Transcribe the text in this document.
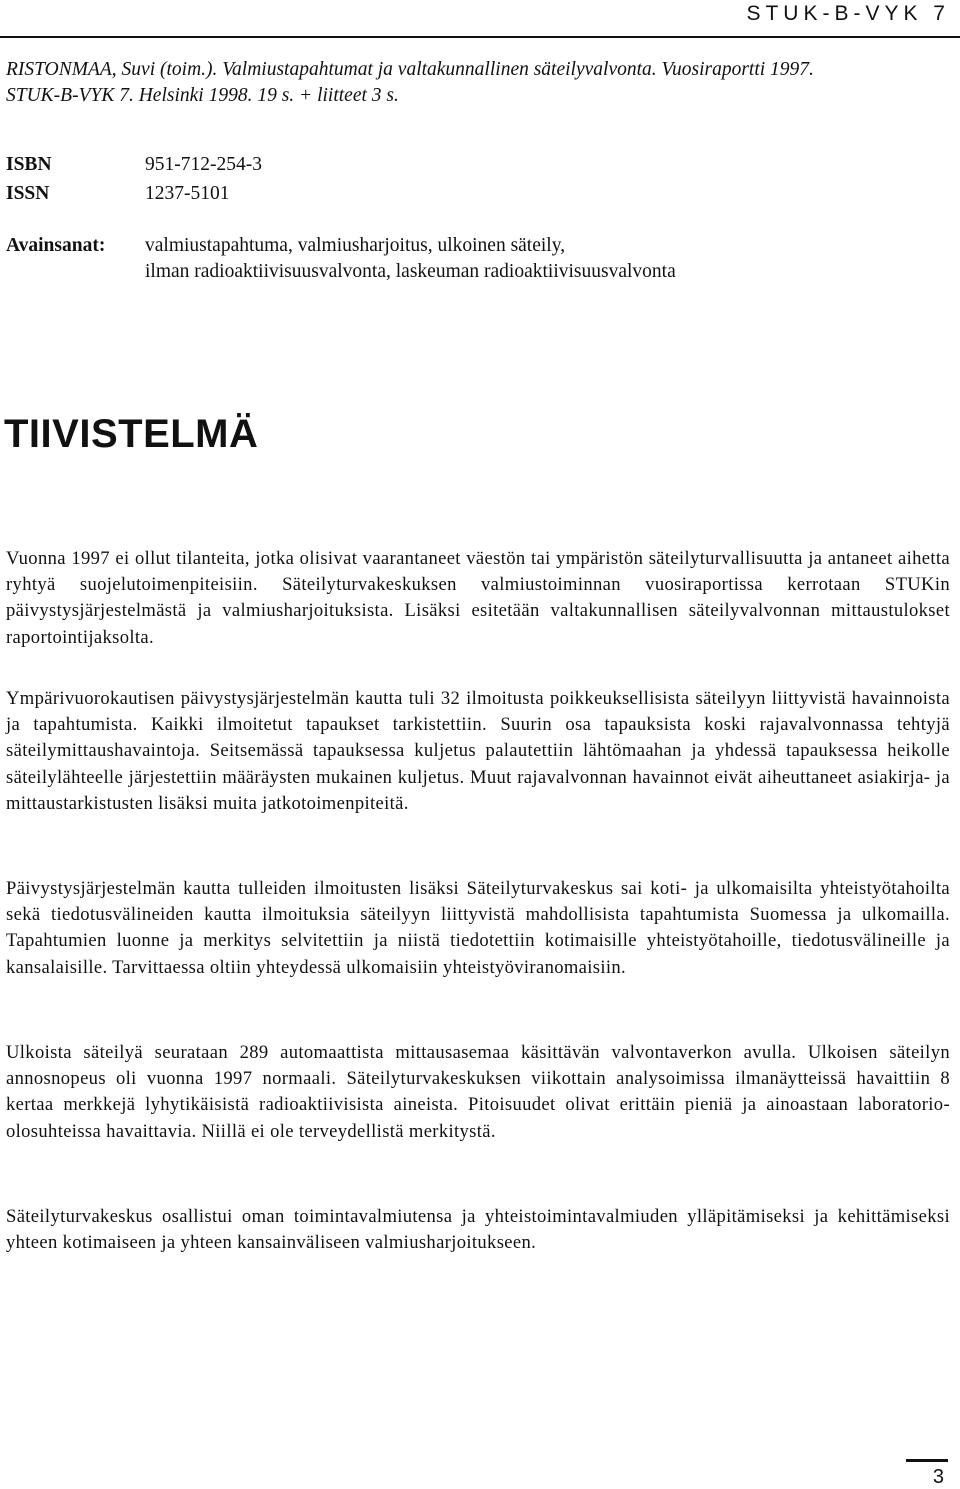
STUK-B-VYK 7
RISTONMAA, Suvi (toim.). Valmiustapahtumat ja valtakunnallinen säteilyvalvonta. Vuosiraportti 1997.
STUK-B-VYK 7. Helsinki 1998. 19 s. + liitteet 3 s.
ISBN	951-712-254-3
ISSN	1237-5101
Avainsanat: valmiustapahtuma, valmiusharjoitus, ulkoinen säteily,
ilman radioaktiivisuusvalvonta, laskeuman radioaktiivisuusvalvonta
TIIVISTELMÄ
Vuonna 1997 ei ollut tilanteita, jotka olisivat vaarantaneet väestön tai ympäristön säteilyturvallisuutta ja antaneet aihetta ryhtyä suojelutoimenpiteisiin. Säteilyturvakeskuksen valmiustoiminnan vuosiraportissa kerrotaan STUKin päivystysjärjestelmästä ja valmiusharjoituksista. Lisäksi esitetään valtakunnallisen säteilyvalvonnan mittaustulokset raportointijaksolta.
Ympärivuorokautisen päivystysjärjestelmän kautta tuli 32 ilmoitusta poikkeuksellisista säteilyyn liittyvistä havainnoista ja tapahtumista. Kaikki ilmoitetut tapaukset tarkistettiin. Suurin osa tapauksista koski rajavalvonnassa tehtyjä säteilymittaushavaintoja. Seitsemässä tapauksessa kuljetus palautettiin lähtömaahan ja yhdessä tapauksessa heikolle säteilylähteelle järjestettiin määräysten mukainen kuljetus. Muut rajavalvonnan havainnot eivät aiheuttaneet asiakirja- ja mittaustarkistusten lisäksi muita jatkotoimenpiteitä.
Päivystysjärjestelmän kautta tulleiden ilmoitusten lisäksi Säteilyturvakeskus sai koti- ja ulkomaisilta yhteistyötahoilta sekä tiedotusvälineiden kautta ilmoituksia säteilyyn liittyvistä mahdollisista tapahtumista Suomessa ja ulkomailla. Tapahtumien luonne ja merkitys selvitettiin ja niistä tiedotettiin kotimaisille yhteistyötahoille, tiedotusvälineille ja kansalaisille. Tarvittaessa oltiin yhteydessä ulkomaisiin yhteistyöviranomaisiin.
Ulkoista säteilyä seurataan 289 automaattista mittausasemaa käsittävän valvontaverkon avulla. Ulkoisen säteilyn annosnopeus oli vuonna 1997 normaali. Säteilyturvakeskuksen viikottain analysoimissa ilmanäytteissä havaittiin 8 kertaa merkkejä lyhytikäisistä radioaktiivisista aineista. Pitoisuudet olivat erittäin pieniä ja ainoastaan laboratorio-olosuhteissa havaittavia. Niillä ei ole terveydellistä merkitystä.
Säteilyturvakeskus osallistui oman toimintavalmiutensa ja yhteistoimintavalmiuden ylläpitämiseksi ja kehittämiseksi yhteen kotimaiseen ja yhteen kansainväliseen valmiusharjoitukseen.
3
